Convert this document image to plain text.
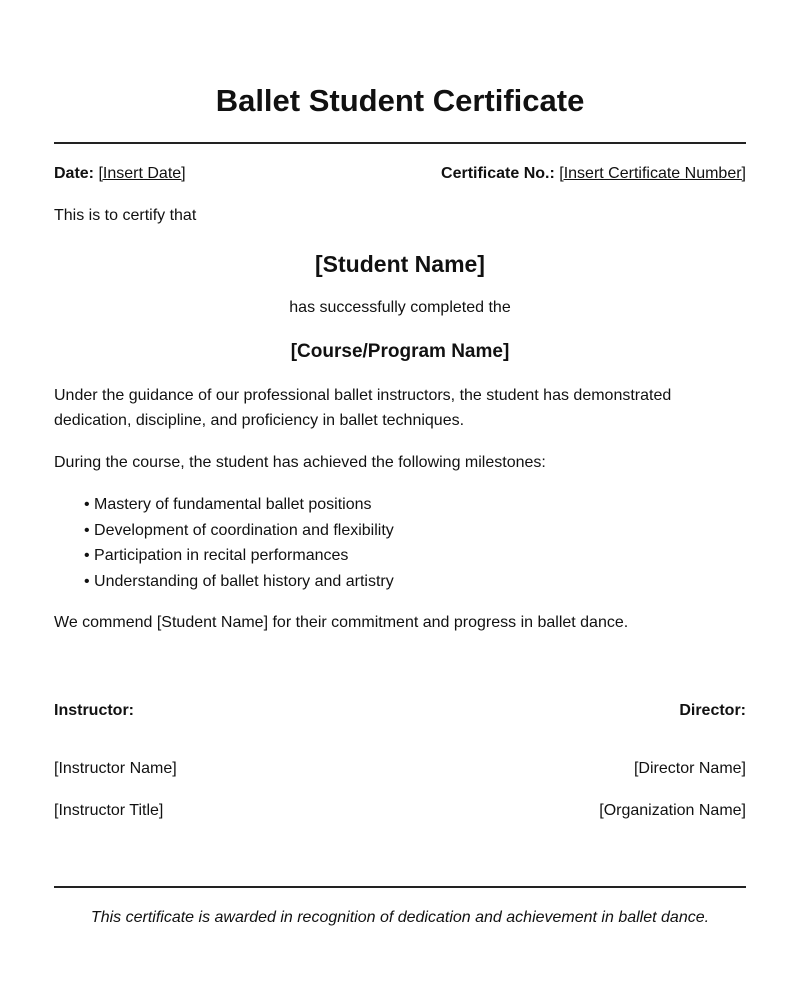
Ballet Student Certificate
Date: [Insert Date]	Certificate No.: [Insert Certificate Number]

This is to certify that

[Student Name]

has successfully completed the

[Course/Program Name]

Under the guidance of our professional ballet instructors, the student has demonstrated dedication, discipline, and proficiency in ballet techniques.

During the course, the student has achieved the following milestones:

• Mastery of fundamental ballet positions
• Development of coordination and flexibility
• Participation in recital performances
• Understanding of ballet history and artistry

We commend [Student Name] for their commitment and progress in ballet dance.

Instructor:	Director:
[Instructor Name]	[Director Name]
[Instructor Title]	[Organization Name]
This certificate is awarded in recognition of dedication and achievement in ballet dance.
